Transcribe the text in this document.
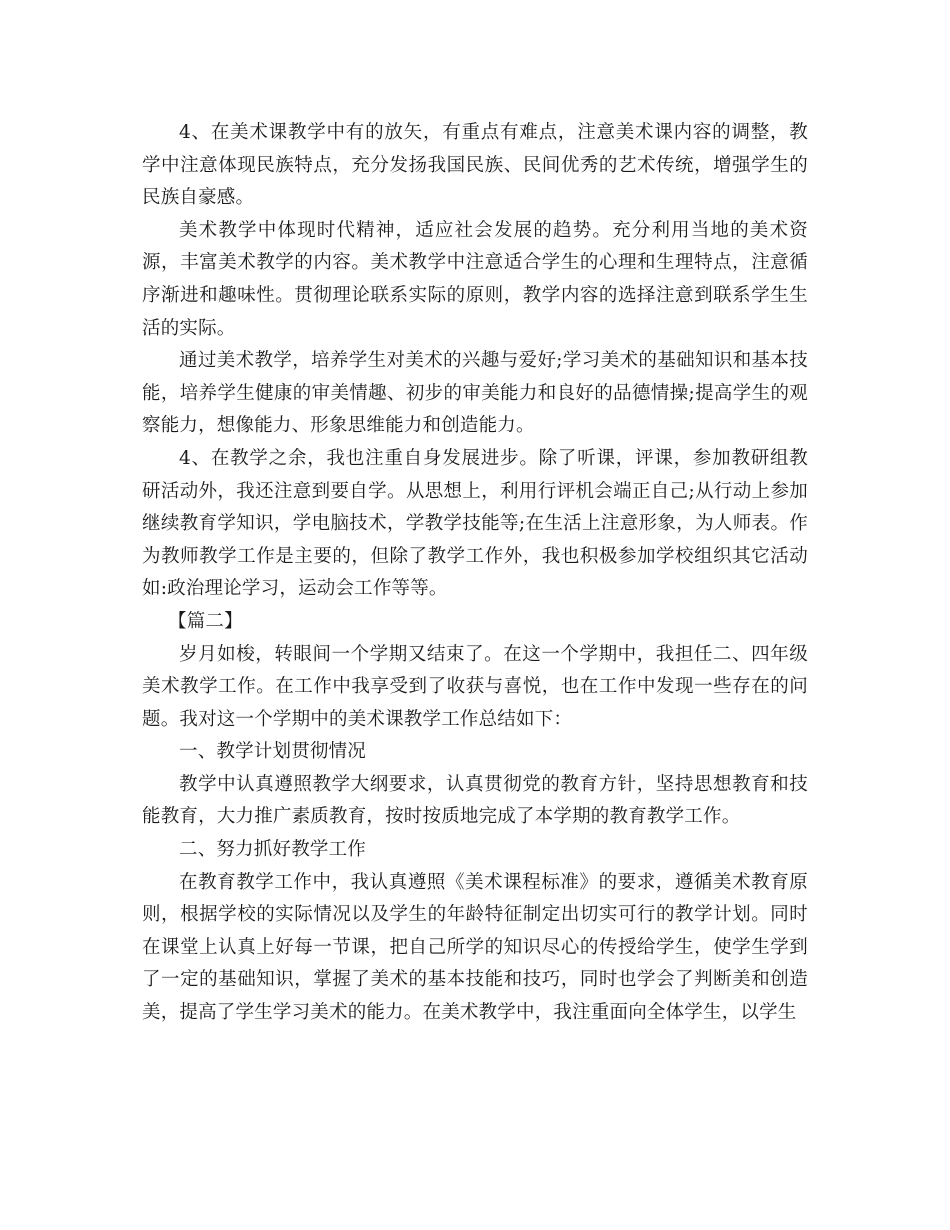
4、在美术课教学中有的放矢，有重点有难点，注意美术课内容的调整，教学中注意体现民族特点，充分发扬我国民族、民间优秀的艺术传统，增强学生的民族自豪感。

美术教学中体现时代精神，适应社会发展的趋势。充分利用当地的美术资源，丰富美术教学的内容。美术教学中注意适合学生的心理和生理特点，注意循序渐进和趣味性。贯彻理论联系实际的原则，教学内容的选择注意到联系学生生活的实际。

通过美术教学，培养学生对美术的兴趣与爱好;学习美术的基础知识和基本技能，培养学生健康的审美情趣、初步的审美能力和良好的品德情操;提高学生的观察能力，想像能力、形象思维能力和创造能力。

4、在教学之余，我也注重自身发展进步。除了听课，评课，参加教研组教研活动外，我还注意到要自学。从思想上，利用行评机会端正自己;从行动上参加继续教育学知识，学电脑技术，学教学技能等;在生活上注意形象，为人师表。作为教师教学工作是主要的，但除了教学工作外，我也积极参加学校组织其它活动如:政治理论学习，运动会工作等等。

【篇二】

岁月如梭，转眼间一个学期又结束了。在这一个学期中，我担任二、四年级美术教学工作。在工作中我享受到了收获与喜悦，也在工作中发现一些存在的问题。我对这一个学期中的美术课教学工作总结如下：

一、教学计划贯彻情况

教学中认真遵照教学大纲要求，认真贯彻党的教育方针，坚持思想教育和技能教育，大力推广素质教育，按时按质地完成了本学期的教育教学工作。

二、努力抓好教学工作

在教育教学工作中，我认真遵照《美术课程标准》的要求，遵循美术教育原则，根据学校的实际情况以及学生的年龄特征制定出切实可行的教学计划。同时在课堂上认真上好每一节课，把自己所学的知识尽心的传授给学生，使学生学到了一定的基础知识，掌握了美术的基本技能和技巧，同时也学会了判断美和创造美，提高了学生学习美术的能力。在美术教学中，我注重面向全体学生，以学生
